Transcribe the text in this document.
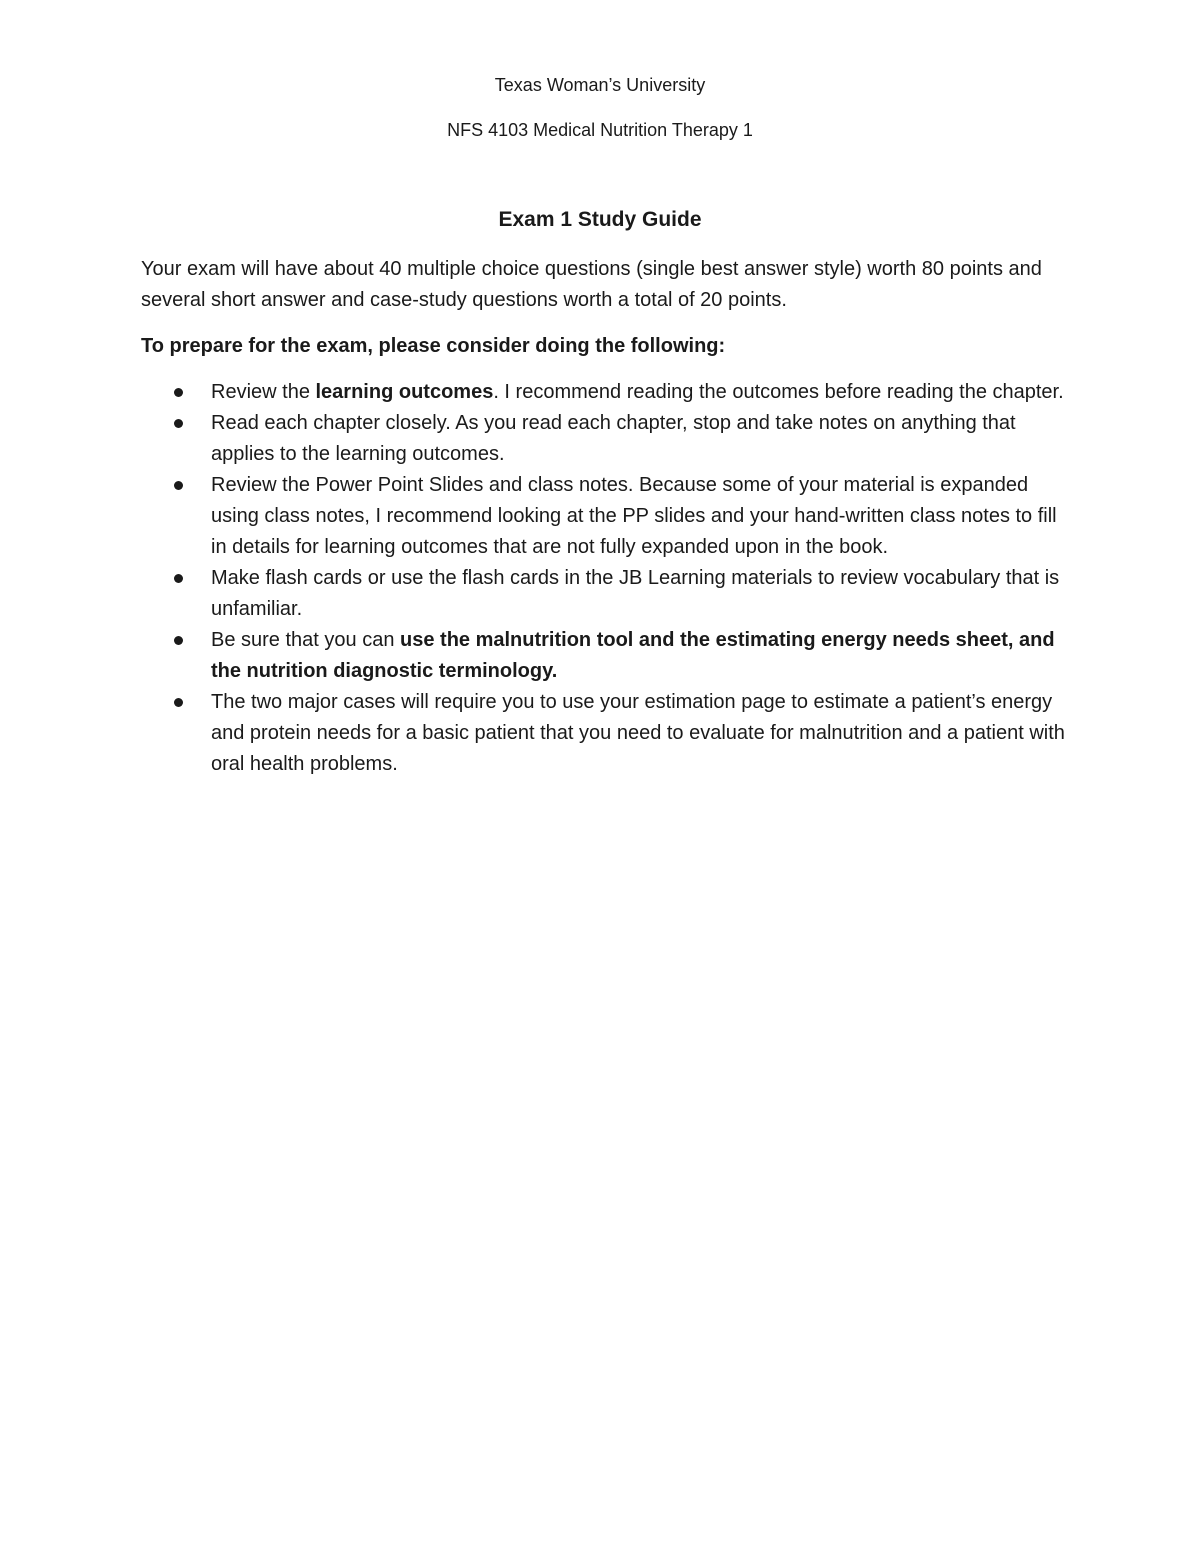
Texas Woman’s University

NFS 4103 Medical Nutrition Therapy 1

Exam 1 Study Guide

Your exam will have about 40 multiple choice questions (single best answer style) worth 80 points and several short answer and case-study questions worth a total of 20 points.

To prepare for the exam, please consider doing the following:

Review the learning outcomes. I recommend reading the outcomes before reading the chapter.
Read each chapter closely. As you read each chapter, stop and take notes on anything that applies to the learning outcomes.
Review the Power Point Slides and class notes. Because some of your material is expanded using class notes, I recommend looking at the PP slides and your hand-written class notes to fill in details for learning outcomes that are not fully expanded upon in the book.
Make flash cards or use the flash cards in the JB Learning materials to review vocabulary that is unfamiliar.
Be sure that you can use the malnutrition tool and the estimating energy needs sheet, and the nutrition diagnostic terminology.
The two major cases will require you to use your estimation page to estimate a patient’s energy and protein needs for a basic patient that you need to evaluate for malnutrition and a patient with oral health problems.
